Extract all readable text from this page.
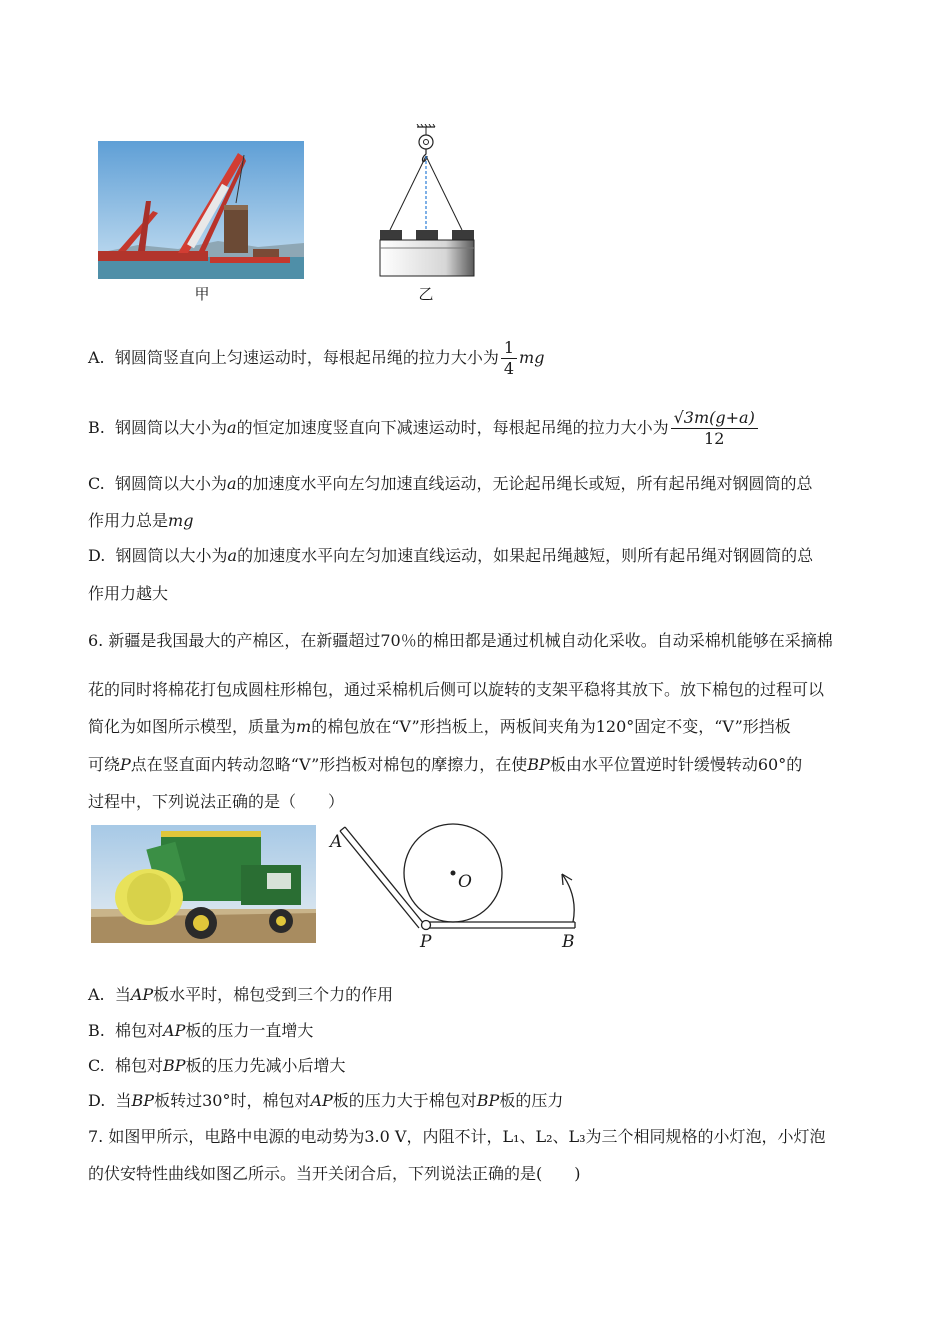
甲	乙
A. 钢圆筒竖直向上匀速运动时，每根起吊绳的拉力大小为 $\frac{1}{4}$ mg
B. 钢圆筒以大小为a的恒定加速度竖直向下减速运动时，每根起吊绳的拉力大小为 $\frac{√3m(g+a)}{12}$
C. 钢圆筒以大小为a的加速度水平向左匀加速直线运动，无论起吊绳长或短，所有起吊绳对钢圆筒的总
作用力总是mg
D. 钢圆筒以大小为a的加速度水平向左匀加速直线运动，如果起吊绳越短，则所有起吊绳对钢圆筒的总
作用力越大
6. 新疆是我国最大的产棉区，在新疆超过70％的棉田都是通过机械自动化采收。自动采棉机能够在采摘棉
花的同时将棉花打包成圆柱形棉包，通过采棉机后侧可以旋转的支架平稳将其放下。放下棉包的过程可以
简化为如图所示模型，质量为m的棉包放在“V”形挡板上，两板间夹角为120°固定不变，“V”形挡板
可绕P点在竖直面内转动忽略“V”形挡板对棉包的摩擦力，在使BP板由水平位置逆时针缓慢转动60°的
过程中，下列说法正确的是（　　）
A
O
P	B
A. 当AP板水平时，棉包受到三个力的作用
B. 棉包对AP板的压力一直增大
C. 棉包对BP板的压力先减小后增大
D. 当BP板转过30°时，棉包对AP板的压力大于棉包对BP板的压力
7. 如图甲所示，电路中电源的电动势为3.0 V，内阻不计，L₁、L₂、L₃为三个相同规格的小灯泡，小灯泡
的伏安特性曲线如图乙所示。当开关闭合后，下列说法正确的是(　　)
